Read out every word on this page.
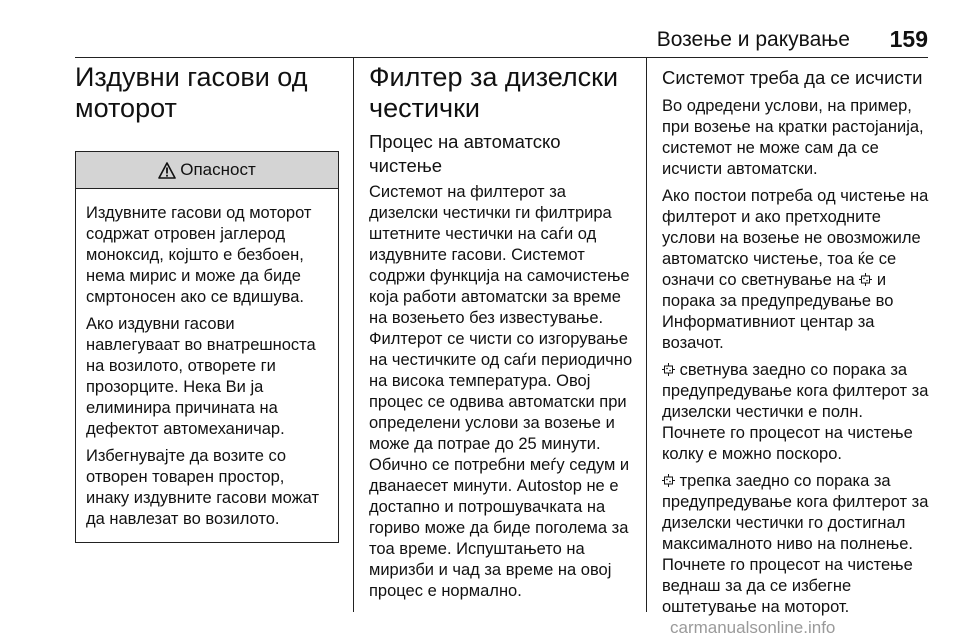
Возење и ракување 159
Издувни гасови од
моторот
Опасност

Издувните гасови од моторот содржат отровен јаглерод моноксид, којшто е безбоен, нема мирис и може да биде смртоносен ако се вдишува.

Ако издувни гасови навлегуваат во внатрешноста на возилото, отворете ги прозорците. Нека Ви ја елиминира причината на дефектот автомеханичар.

Избегнувајте да возите со отворен товарен простор, инаку издувните гасови можат да навлезат во возилото.

Филтер за дизелски
честички
Процес на автоматско чистење

Системот на филтерот за дизелски честички ги филтрира штетните честички на саѓи од издувните гасови. Системот содржи функција на самочистење која работи автоматски за време на возењето без известување. Филтерот се чисти со изгорување на честичките од саѓи периодично на висока температура. Овој процес се одвива автоматски при определени услови за возење и може да потрае до 25 минути. Обично се потребни меѓу седум и дванаесет минути. Autostop не е достапно и потрошувачката на гориво може да биде поголема за тоа време. Испуштањето на миризби и чад за време на овој процес е нормално.

Системот треба да се исчисти

Во одредени услови, на пример, при возење на кратки растојанија, системот не може сам да се исчисти автоматски.

Ако постои потреба од чистење на филтерот и ако претходните услови на возење не овозможиле автоматско чистење, тоа ќе се означи со светнување на и порака за предупредување во Информативниот центар за возачот.

светнува заедно со порака за предупредување кога филтерот за дизелски честички е полн. Почнете го процесот на чистење колку е можно поскоро.

трепка заедно со порака за предупредување кога филтерот за дизелски честички го достигнал максималното ниво на полнење. Почнете го процесот на чистење веднаш за да се избегне оштетување на моторот.

carmanualsonline.info
